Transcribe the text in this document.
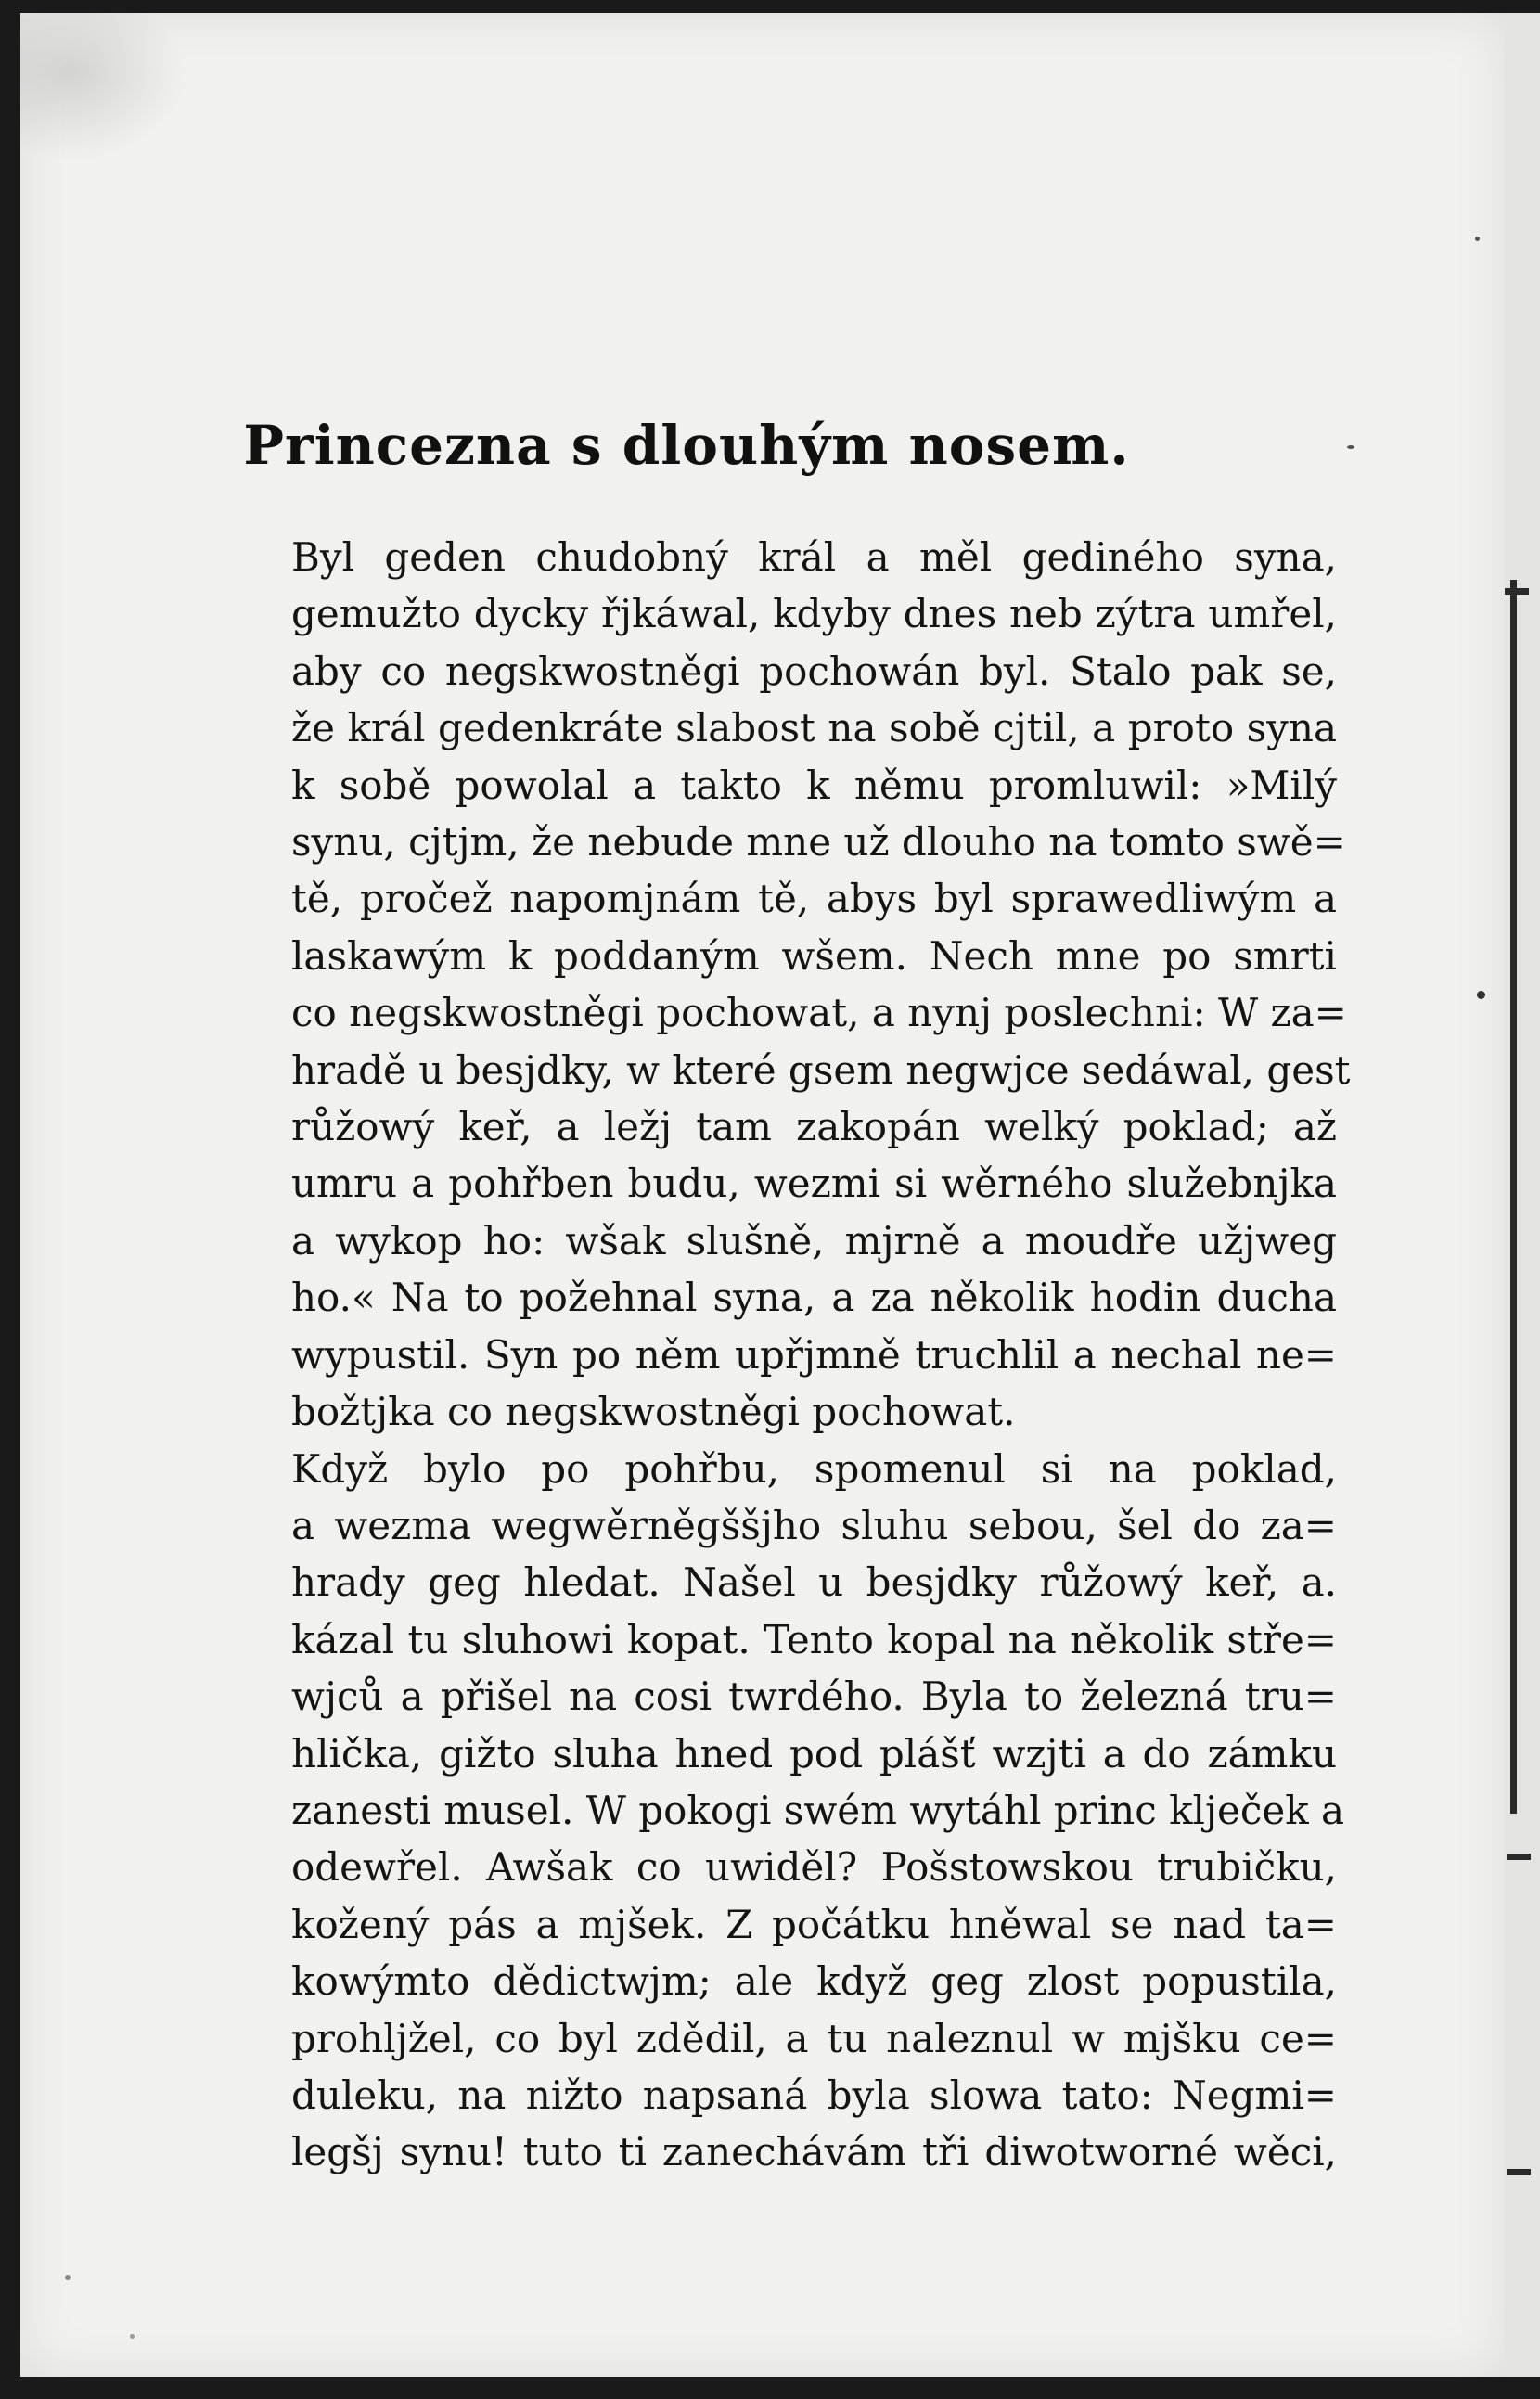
Princezna s dlouhým nosem.

Byl geden chudobný král a měl gediného syna,
gemužto dycky řjkáwal, kdyby dnes neb zýtra umřel,
aby co negskwostněgi pochowán byl. Stalo pak se,
že král gedenkráte slabost na sobě cjtil, a proto syna
k sobě powolal a takto k němu promluwil: »Milý
synu, cjtjm, že nebude mne už dlouho na tomto swě=
tě, pročež napomjnám tě, abys byl sprawedliwým a
laskawým k poddaným wšem. Nech mne po smrti
co negskwostněgi pochowat, a nynj poslechni: W za=
hradě u besjdky, w které gsem negwjce sedáwal, gest
růžowý keř, a ležj tam zakopán welký poklad; až
umru a pohřben budu, wezmi si wěrného služebnjka
a wykop ho: wšak slušně, mjrně a moudře užjweg
ho.« Na to požehnal syna, a za několik hodin ducha
wypustil. Syn po něm upřjmně truchlil a nechal ne=
božtjka co negskwostněgi pochowat.

Když bylo po pohřbu, spomenul si na poklad,
a wezma wegwěrněgššjho sluhu sebou, šel do za=
hrady geg hledat. Našel u besjdky růžowý keř, a.
kázal tu sluhowi kopat. Tento kopal na několik stře=
wjců a přišel na cosi twrdého. Byla to železná tru=
hlička, gižto sluha hned pod plášť wzjti a do zámku
zanesti musel. W pokogi swém wytáhl princ klječek a
odewřel. Awšak co uwiděl? Pošstowskou trubičku,
kožený pás a mjšek. Z počátku hněwal se nad ta=
kowýmto dědictwjm; ale když geg zlost popustila,
prohljžel, co byl zdědil, a tu naleznul w mjšku ce=
duleku, na nižto napsaná byla slowa tato: Negmi=
legšj synu! tuto ti zanechávám tři diwotworné wěci,
